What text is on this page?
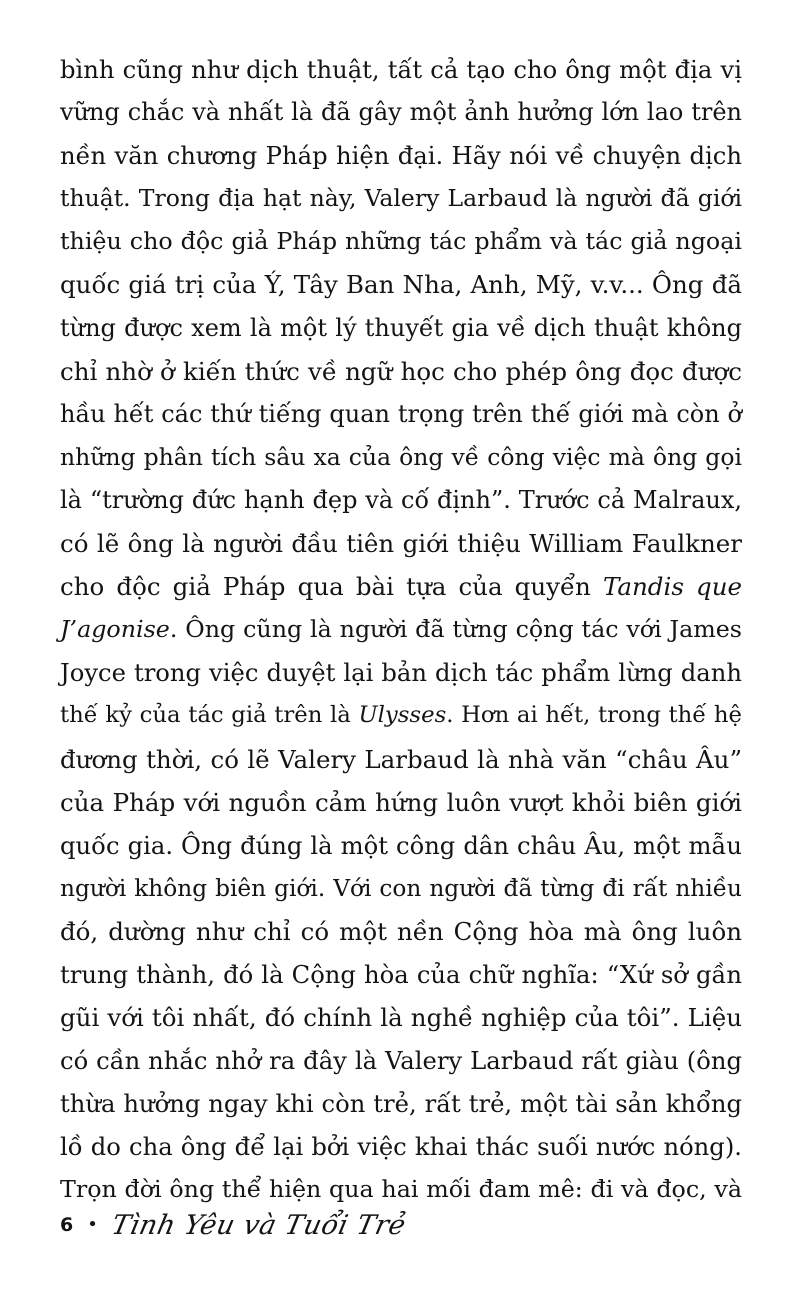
bình cũng như dịch thuật, tất cả tạo cho ông một địa vị
vững chắc và nhất là đã gây một ảnh hưởng lớn lao trên
nền văn chương Pháp hiện đại. Hãy nói về chuyện dịch
thuật. Trong địa hạt này, Valery Larbaud là người đã giới
thiệu cho độc giả Pháp những tác phẩm và tác giả ngoại
quốc giá trị của Ý, Tây Ban Nha, Anh, Mỹ, v.v... Ông đã
từng được xem là một lý thuyết gia về dịch thuật không
chỉ nhờ ở kiến thức về ngữ học cho phép ông đọc được
hầu hết các thứ tiếng quan trọng trên thế giới mà còn ở
những phân tích sâu xa của ông về công việc mà ông gọi
là “trường đức hạnh đẹp và cố định”. Trước cả Malraux,
có lẽ ông là người đầu tiên giới thiệu William Faulkner
cho độc giả Pháp qua bài tựa của quyển Tandis que
J’agonise. Ông cũng là người đã từng cộng tác với James
Joyce trong việc duyệt lại bản dịch tác phẩm lừng danh
thế kỷ của tác giả trên là Ulysses. Hơn ai hết, trong thế hệ
đương thời, có lẽ Valery Larbaud là nhà văn “châu Âu”
của Pháp với nguồn cảm hứng luôn vượt khỏi biên giới
quốc gia. Ông đúng là một công dân châu Âu, một mẫu
người không biên giới. Với con người đã từng đi rất nhiều
đó, dường như chỉ có một nền Cộng hòa mà ông luôn
trung thành, đó là Cộng hòa của chữ nghĩa: “Xứ sở gần
gũi với tôi nhất, đó chính là nghề nghiệp của tôi”. Liệu
có cần nhắc nhở ra đây là Valery Larbaud rất giàu (ông
thừa hưởng ngay khi còn trẻ, rất trẻ, một tài sản khổng
lồ do cha ông để lại bởi việc khai thác suối nước nóng).
Trọn đời ông thể hiện qua hai mối đam mê: đi và đọc, và
6 • Tình Yêu và Tuổi Trẻ
